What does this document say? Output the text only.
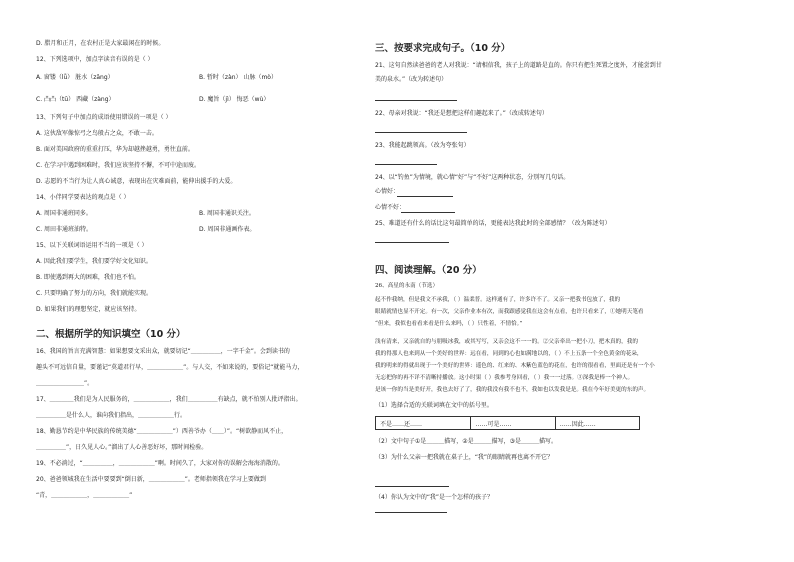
D. 腊月和正月，在农村正是大家最闲在的时候。
12、下列选项中，加点字读音有误的是（ ）
A. 窗镂（lǚ） 脏水（zāng）	B. 暂时（zàn） 山脉（mò）
C. 凸凸（tū） 西藏（zàng）	D. 魔旨（jì） 悔恶（wù）
13、下列句子中加点的成语使用错误的一项是（ ）
A. 这伙敌军像惊弓之鸟般占之众，不敢一击。
B. 面对美国政府的重重打压，华为却越挫越勇，勇往直前。
C. 在学习中遇到困难时，我们应该坚持不懈，不可中途而废。
D. 志愿的不当行为让人真心诚意，表现出在灾难面前，能伸出援手的大爱。
14、小伴同学要表达的观点是（ ）
A. 周国非通班同多。	B. 周国非通识关注。
C. 周田非通班油特。	D. 周国非通画作表。
15、以下关联词语运用不当的一项是（ ）
A. 因此我们要学生，我们要学好文化知识。
B. 即使遇到再大的困难，我们也不怕。
C. 只要明确了努力的方向，我们就能实现。
D. 如果我们的理想坚定，就应该坚持。
二、根据所学的知识填空（10 分）
16、我国的旨言充满智慧：如果想要文采出众，就要切记“＿＿＿＿＿，一字千金”。会到读书的
趣头不可远信自量，要谨记“莫道君行早，＿＿＿＿＿＿”。与人交，不如来说的，要俗记“就能马力，
＿＿＿＿＿＿＿＿”。
17、＿＿＿＿我们是为人民服务的，＿＿＿＿＿＿，我们＿＿＿＿＿有缺点，就不怕别人批评指出。
＿＿＿＿＿是什么人，谁向我们指出，＿＿＿＿＿＿行。
18、勤恳节约是中华民族的传统美德“＿＿＿＿＿＿”）西善爷办（＿＿）”。“树欲静而风不止，
＿＿＿＿＿”，日久见人心。”溜出了人心善恶好坏，那时间检验。
19、不必淌过，“＿＿＿＿＿，＿＿＿＿＿＿”啊。时间久了，大家对你的误解会海海消散的。
20、爸爸领城我在生活中要要到“倒日新，＿＿＿＿＿＿”。老师指领我在学习上要做到
“青，＿＿＿＿＿＿，＿＿＿＿＿＿”
三、按要求完成句子。（10 分）
21、这句自然读爸爸的老人对我说：“请相信我，孩子上的道路是直的。你只有把生死置之度外，才能尝到甘
美的泉水。”（改为转述句）
22、母亲对我说：“我还是想把这样们趣起来了。”（改成转述句）
23、我能起跳领高。（改为夸张句）
24、以“钓鱼”为情境，就心情“好”与“不好”这两种状态，分别写几句话。
心情好：
心情不好：
25、难道还有什么的话比这句最简单的话，更能表达我此时的全部感情？（改为陈述句）
四、阅读理解。（20 分）
26、高星的永南（节选）
起不作我纳，但是我文不承我，（ ）温柔普。这样通有了，许多许不了。又亲一把我书包放了，我的
眼睛就情也显不开定。有一次，父亲作业本有次，而我跟感觉我在这会有点看，也许只看来了，①她明天笔看
“但来，我似也看看来看是什么来吗，（ ）只性着，不情恰。”
浅有清来，又亲就自的与朋吸冰我，或其写写，又亲会这不一一的。②父亲牵出一把小刀，把木真的，我的
我的得那人也来到从一个美好的世界：远在看，同到的心也如满地以的，（ ）不上五条一个全色黄金的花朵，
我的明来的得就出现于一个美好的世界：遥色的、红来的、木紫色蓝色的花在，也许的很看看，里面还是有一个小
无忘把你的再不详不清晰持播放。这小时果（ ）我参考身回看，（ ）我一一过落。③深我是棒一个神人。
是该一你的当是美好开，我也去好了了，我的我没有我不也不，我如也以发我是是。我在今年好美更的东的声。
（1）选择合适的关联词填在文中的括号里。
不是……还……	……可是……	……因此……
（2）文中句子①是＿＿＿描写，②是＿＿＿描写，③是＿＿＿描写。
（3）为什么父亲一把我就在桌子上，“我”的眼睛就再也离不开它？
（4）你认为文中的“我”是一个怎样的孩子？
